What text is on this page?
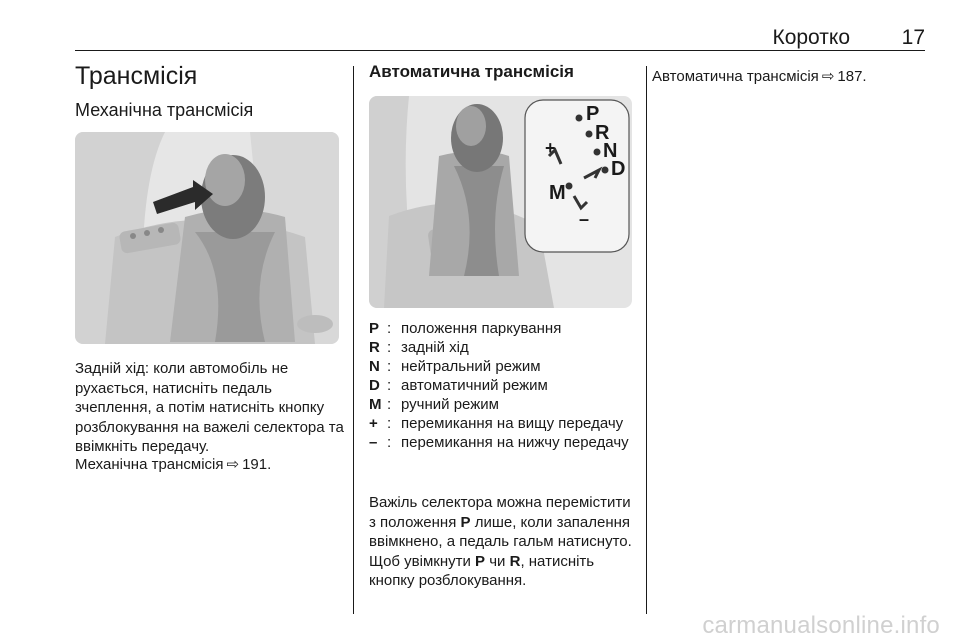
Коротко	17
Трансмісія
Механічна трансмісія

Задній хід: коли автомобіль не рухається, натисніть педаль зчеплення, а потім натисніть кнопку розблокування на важелі селектора та ввімкніть передачу.

Механічна трансмісія ⇨ 191.

Автоматична трансмісія
P
R
N
D
M
+
–
P : положення паркування
R : задній хід
N : нейтральний режим
D : автоматичний режим
M : ручний режим
+ : перемикання на вищу передачу
– : перемикання на нижчу передачу

Важіль селектора можна перемістити з положення P лише, коли запалення ввімкнено, а педаль гальм натиснуто. Щоб увімкнути P чи R, натисніть кнопку розблокування.

Автоматична трансмісія ⇨ 187.

carmanualsonline.info
